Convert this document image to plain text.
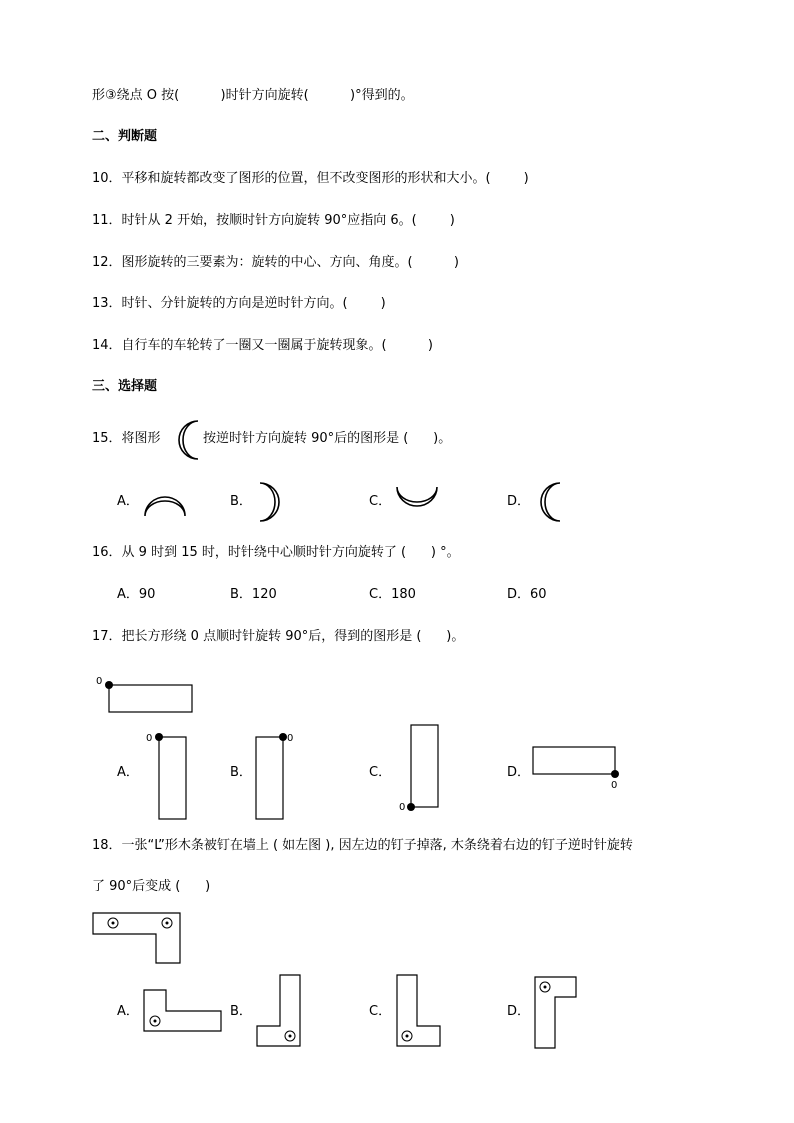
形③绕点 O 按(          )时针方向旋转(          )°得到的。
二、判断题
10．平移和旋转都改变了图形的位置，但不改变图形的形状和大小。(        )
11．时针从 2 开始，按顺时针方向旋转 90°应指向 6。(        )
12．图形旋转的三要素为：旋转的中心、方向、角度。(          )
13．时针、分针旋转的方向是逆时针方向。(        )
14．自行车的车轮转了一圈又一圈属于旋转现象。(          )
三、选择题
15．将图形	按逆时针方向旋转 90°后的图形是 (      )。
A．	B．	C．	D．
16．从 9 时到 15 时，时针绕中心顺时针方向旋转了 (      ) °。
A．90	B．120	C．180	D．60
17．把长方形绕 0 点顺时针旋转 90°后，得到的图形是 (      )。
0
A．
0
B．
0
C．
0
D．
0
18．一张“L”形木条被钉在墙上 ( 如左图 ), 因左边的钉子掉落, 木条绕着右边的钉子逆时针旋转
了 90°后变成 (      )
A．	B．	C．	D．
